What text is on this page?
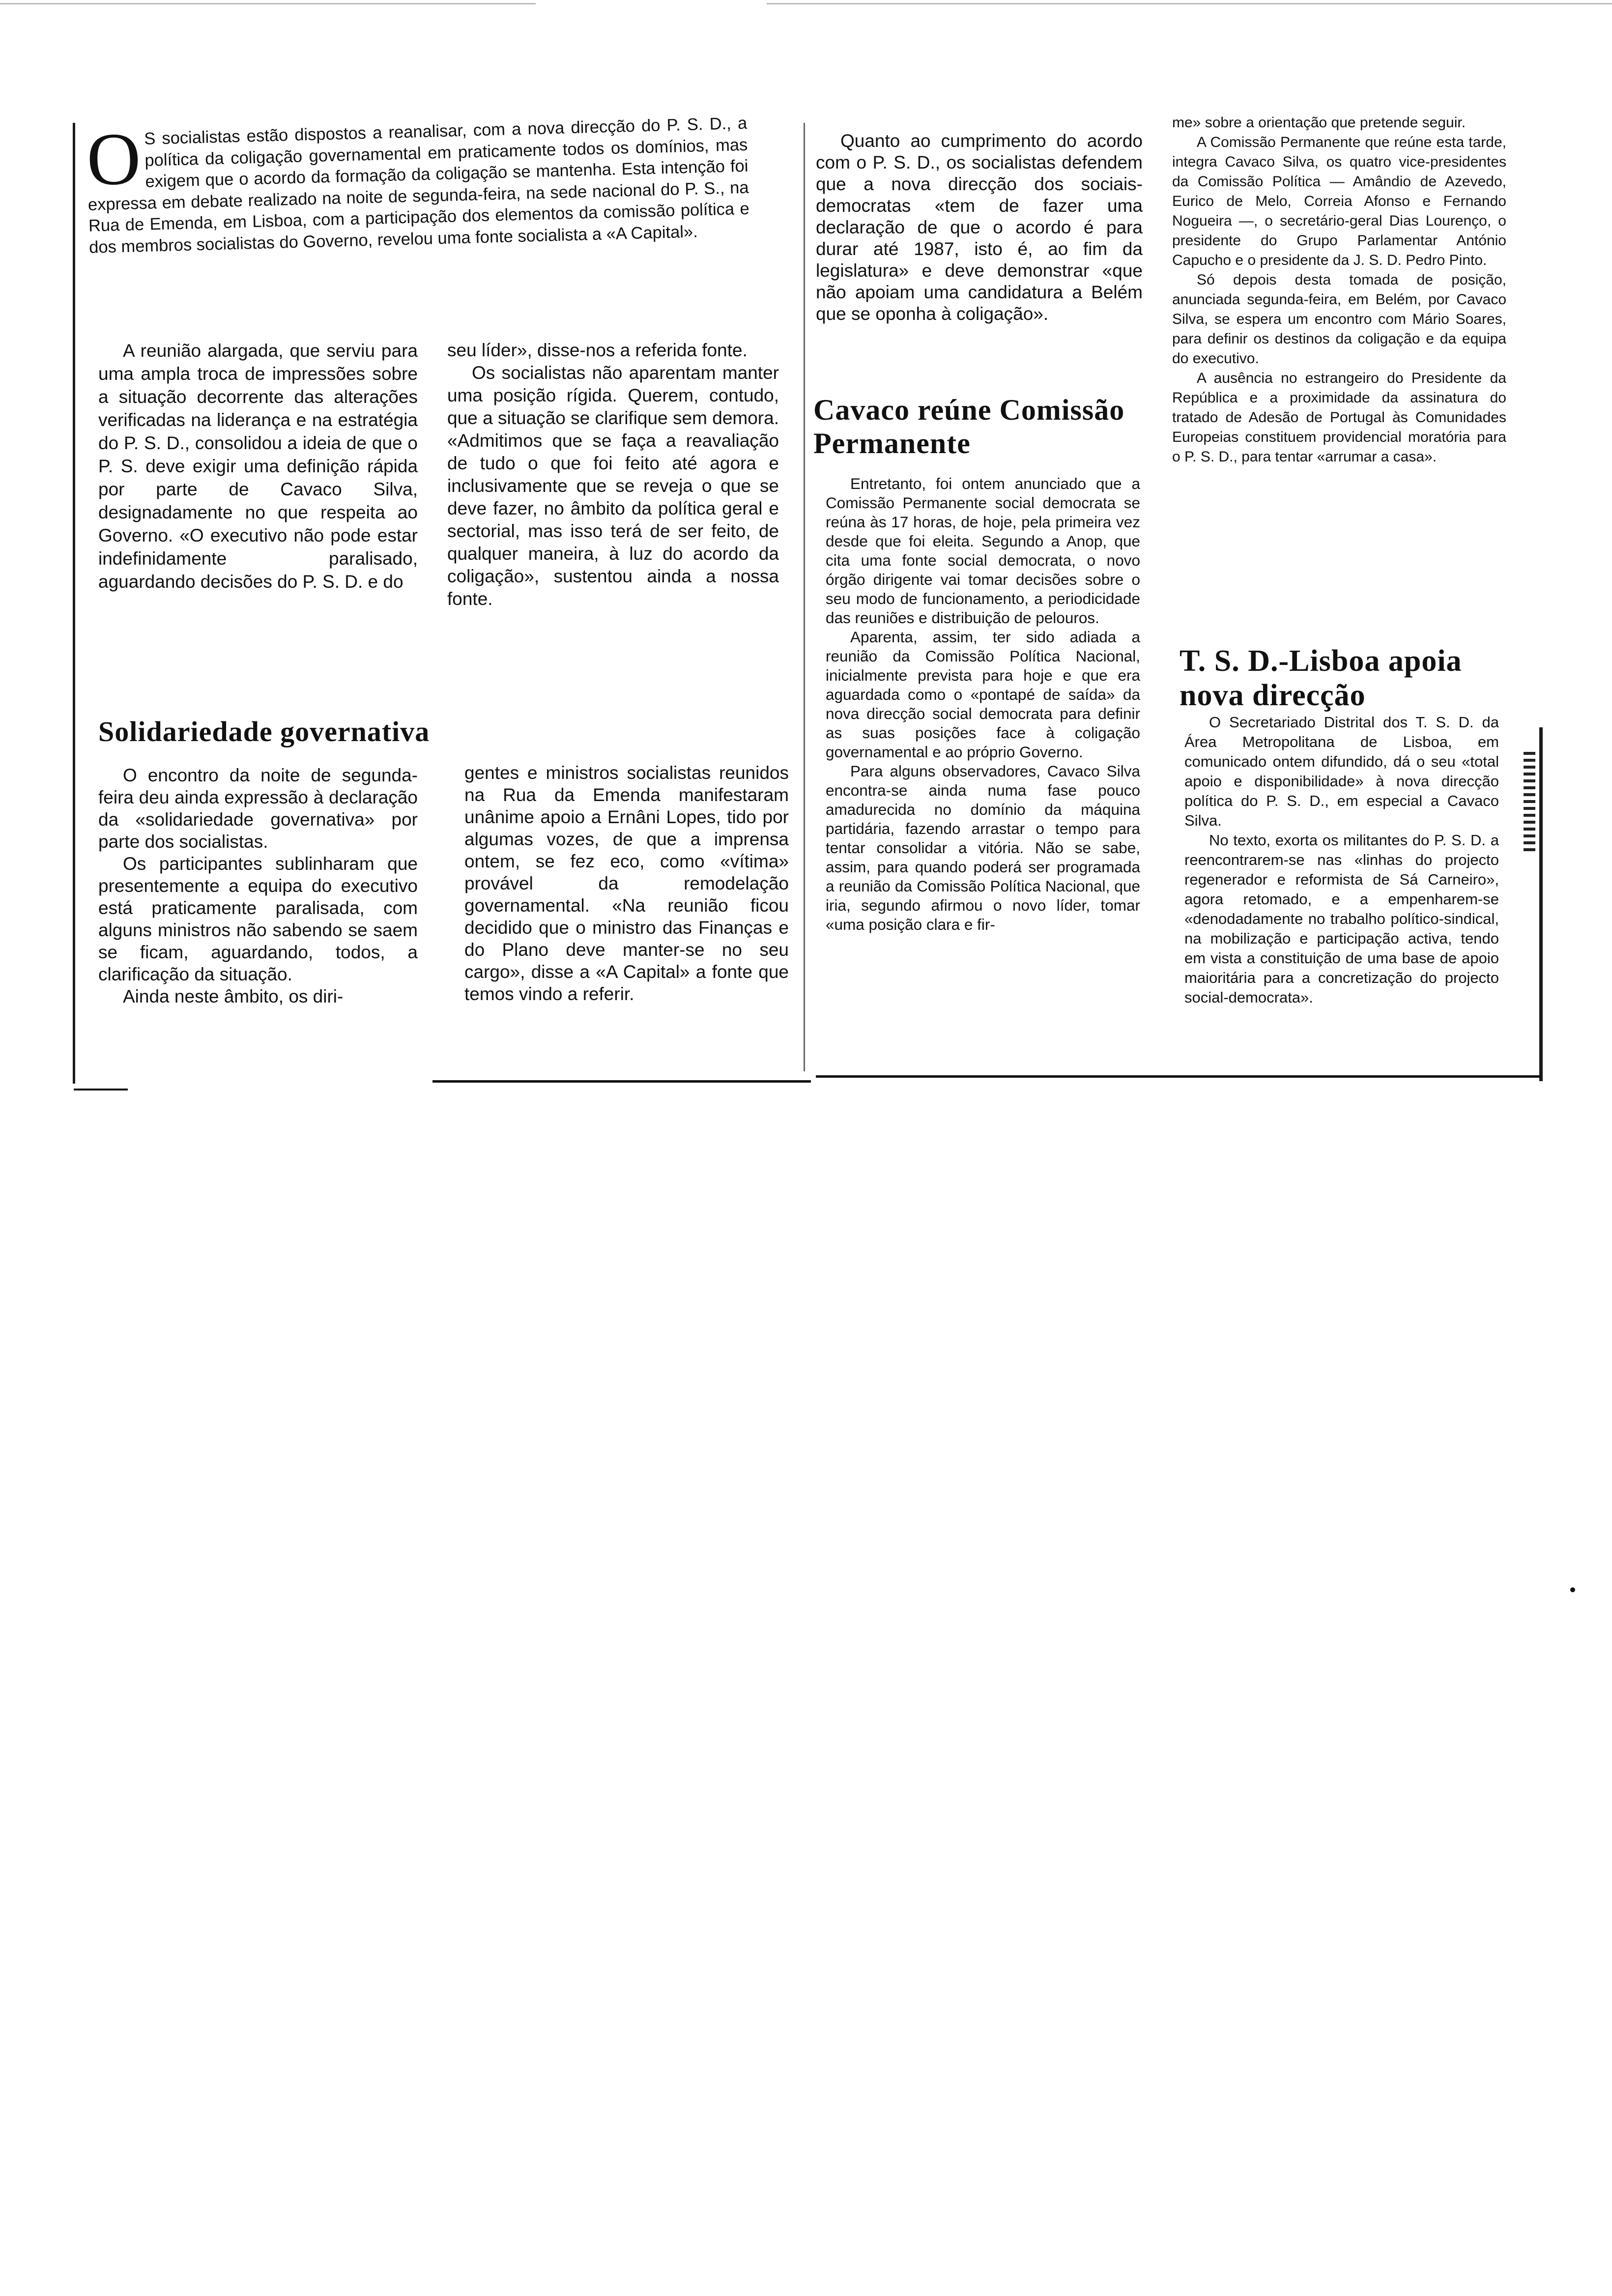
O S socialistas estão dispostos a reanalisar, com a nova direcção do P. S. D., a política da coligação governamental em praticamente todos os domínios, mas exigem que o acordo da formação da coligação se mantenha. Esta intenção foi expressa em debate realizado na noite de segunda-feira, na sede nacional do P. S., na Rua de Emenda, em Lisboa, com a participação dos elementos da comissão política e dos membros socialistas do Governo, revelou uma fonte socialista a «A Capital».

A reunião alargada, que serviu para uma ampla troca de impressões sobre a situação decorrente das alterações verificadas na liderança e na estratégia do P. S. D., consolidou a ideia de que o P. S. deve exigir uma definição rápida por parte de Cavaco Silva, designadamente no que respeita ao Governo. «O executivo não pode estar indefinidamente paralisado, aguardando decisões do P. S. D. e do

seu líder», disse-nos a referida fonte.

Os socialistas não aparentam manter uma posição rígida. Querem, contudo, que a situação se clarifique sem demora. «Admitimos que se faça a reavaliação de tudo o que foi feito até agora e inclusivamente que se reveja o que se deve fazer, no âmbito da política geral e sectorial, mas isso terá de ser feito, de qualquer maneira, à luz do acordo da coligação», sustentou ainda a nossa fonte.

Solidariedade governativa

O encontro da noite de segunda-feira deu ainda expressão à declaração da «solidariedade governativa» por parte dos socialistas.

Os participantes sublinharam que presentemente a equipa do executivo está praticamente paralisada, com alguns ministros não sabendo se saem se ficam, aguardando, todos, a clarificação da situação.

Ainda neste âmbito, os diri-

gentes e ministros socialistas reunidos na Rua da Emenda manifestaram unânime apoio a Ernâni Lopes, tido por algumas vozes, de que a imprensa ontem, se fez eco, como «vítima» provável da remodelação governamental. «Na reunião ficou decidido que o ministro das Finanças e do Plano deve manter-se no seu cargo», disse a «A Capital» a fonte que temos vindo a referir.

Quanto ao cumprimento do acordo com o P. S. D., os socialistas defendem que a nova direcção dos sociais-democratas «tem de fazer uma declaração de que o acordo é para durar até 1987, isto é, ao fim da legislatura» e deve demonstrar «que não apoiam uma candidatura a Belém que se oponha à coligação».

Cavaco reúne Comissão Permanente

Entretanto, foi ontem anunciado que a Comissão Permanente social democrata se reúna às 17 horas, de hoje, pela primeira vez desde que foi eleita. Segundo a Anop, que cita uma fonte social democrata, o novo órgão dirigente vai tomar decisões sobre o seu modo de funcionamento, a periodicidade das reuniões e distribuição de pelouros.

Aparenta, assim, ter sido adiada a reunião da Comissão Política Nacional, inicialmente prevista para hoje e que era aguardada como o «pontapé de saída» da nova direcção social democrata para definir as suas posições face à coligação governamental e ao próprio Governo.

Para alguns observadores, Cavaco Silva encontra-se ainda numa fase pouco amadurecida no domínio da máquina partidária, fazendo arrastar o tempo para tentar consolidar a vitória. Não se sabe, assim, para quando poderá ser programada a reunião da Comissão Política Nacional, que iria, segundo afirmou o novo líder, tomar «uma posição clara e fir-

me» sobre a orientação que pretende seguir.

A Comissão Permanente que reúne esta tarde, integra Cavaco Silva, os quatro vice-presidentes da Comissão Política — Amândio de Azevedo, Eurico de Melo, Correia Afonso e Fernando Nogueira —, o secretário-geral Dias Lourenço, o presidente do Grupo Parlamentar António Capucho e o presidente da J. S. D. Pedro Pinto.

Só depois desta tomada de posição, anunciada segunda-feira, em Belém, por Cavaco Silva, se espera um encontro com Mário Soares, para definir os destinos da coligação e da equipa do executivo.

A ausência no estrangeiro do Presidente da República e a proximidade da assinatura do tratado de Adesão de Portugal às Comunidades Europeias constituem providencial moratória para o P. S. D., para tentar «arrumar a casa».

T. S. D.-Lisboa apoia nova direcção

O Secretariado Distrital dos T. S. D. da Área Metropolitana de Lisboa, em comunicado ontem difundido, dá o seu «total apoio e disponibilidade» à nova direcção política do P. S. D., em especial a Cavaco Silva.

No texto, exorta os militantes do P. S. D. a reencontrarem-se nas «linhas do projecto regenerador e reformista de Sá Carneiro», agora retomado, e a empenharem-se «denodadamente no trabalho político-sindical, na mobilização e participação activa, tendo em vista a constituição de uma base de apoio maioritária para a concretização do projecto social-democrata».
